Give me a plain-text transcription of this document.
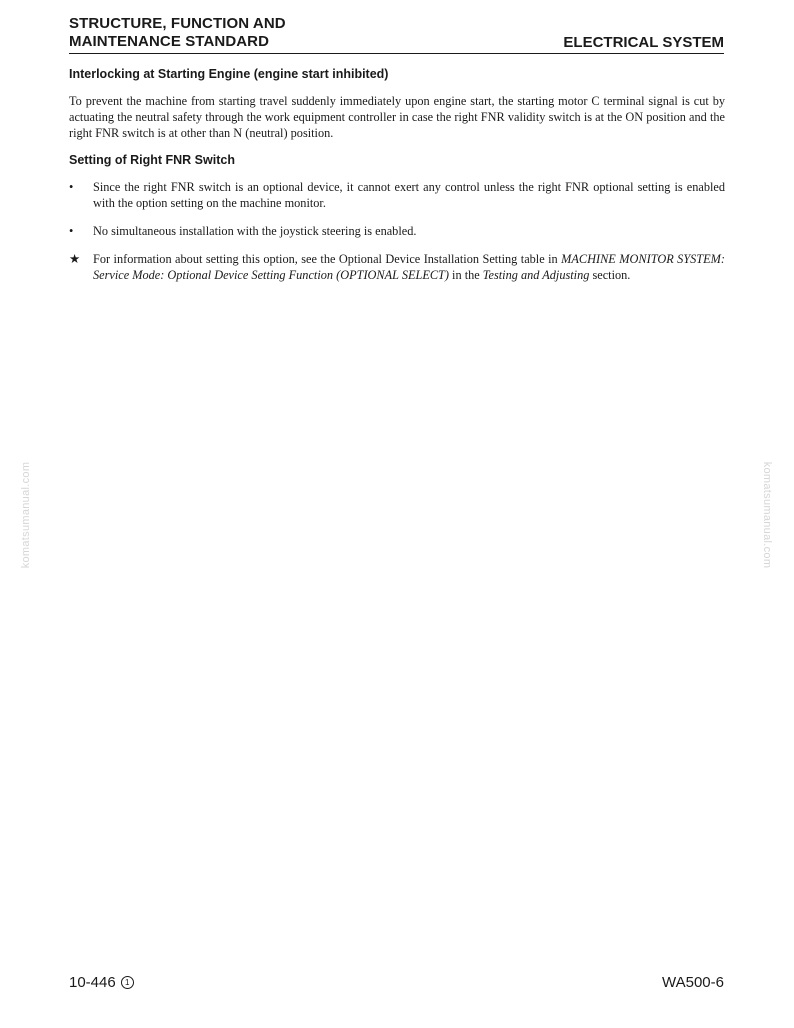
STRUCTURE, FUNCTION AND
MAINTENANCE STANDARD	ELECTRICAL SYSTEM
Interlocking at Starting Engine (engine start inhibited)
To prevent the machine from starting travel suddenly immediately upon engine start, the starting motor C terminal signal is cut by actuating the neutral safety through the work equipment controller in case the right FNR validity switch is at the ON position and the right FNR switch is at other than N (neutral) position.
Setting of Right FNR Switch
•	Since the right FNR switch is an optional device, it cannot exert any control unless the right FNR optional setting is enabled with the option setting on the machine monitor.
•	No simultaneous installation with the joystick steering is enabled.
★ For information about setting this option, see the Optional Device Installation Setting table in MACHINE MONITOR SYSTEM: Service Mode: Optional Device Setting Function (OPTIONAL SELECT) in the Testing and Adjusting section.
komatsumanual.com	komatsumanual.com
10-446 1	WA500-6
